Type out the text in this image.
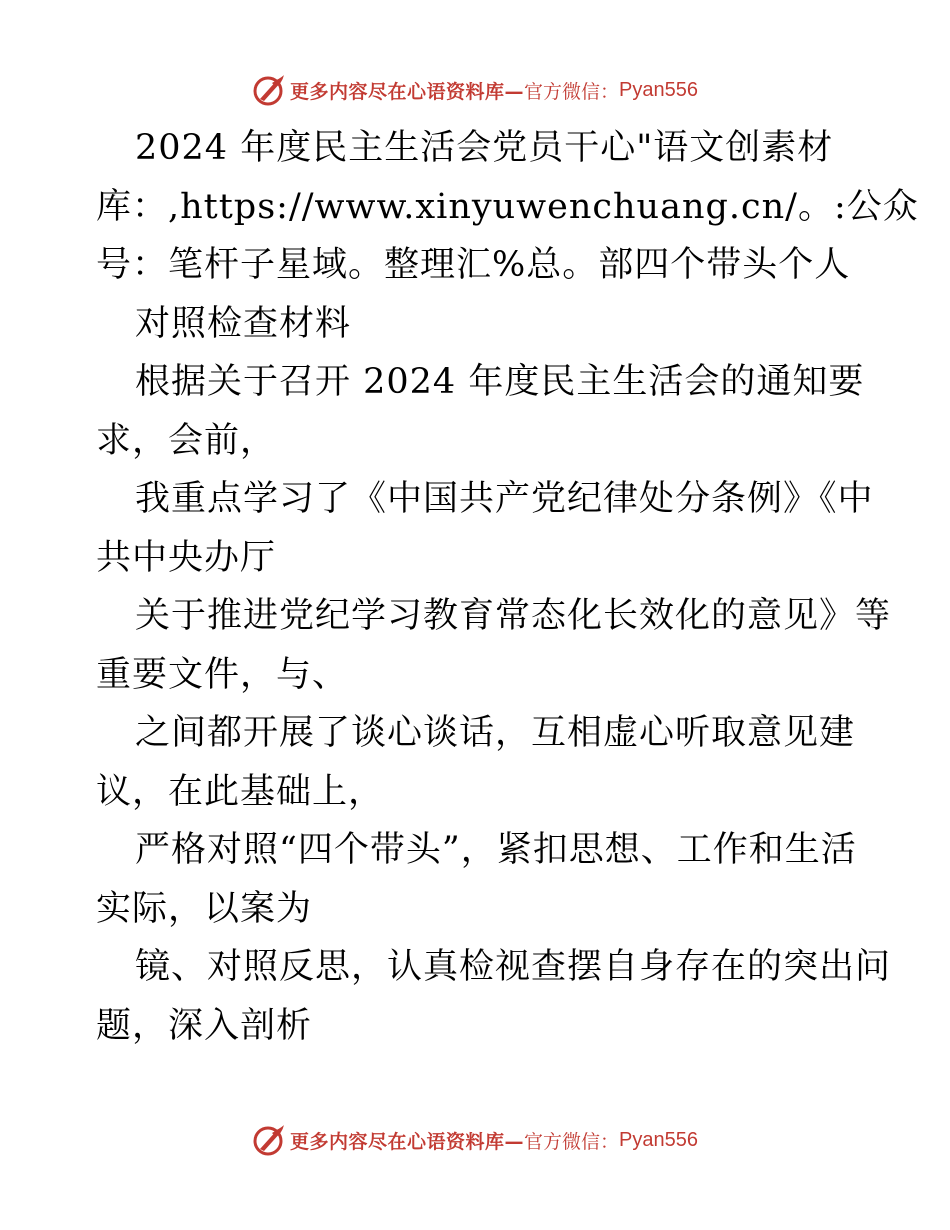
更多内容尽在心语资料库— 官方微信： Pyan556
2024 年度民主生活会党员干心"语文创素材
库：,https://www.xinyuwenchuang.cn/。:公众
号：笔杆子星域。整理汇%总。部四个带头个人
对照检查材料
根据关于召开 2024 年度民主生活会的通知要
求，会前，
我重点学习了《中国共产党纪律处分条例》《中
共中央办厅
关于推进党纪学习教育常态化长效化的意见》等
重要文件，与、
之间都开展了谈心谈话，互相虚心听取意见建
议，在此基础上，
严格对照“四个带头”，紧扣思想、工作和生活
实际，以案为
镜、对照反思，认真检视查摆自身存在的突出问
题，深入剖析
更多内容尽在心语资料库— 官方微信： Pyan556
